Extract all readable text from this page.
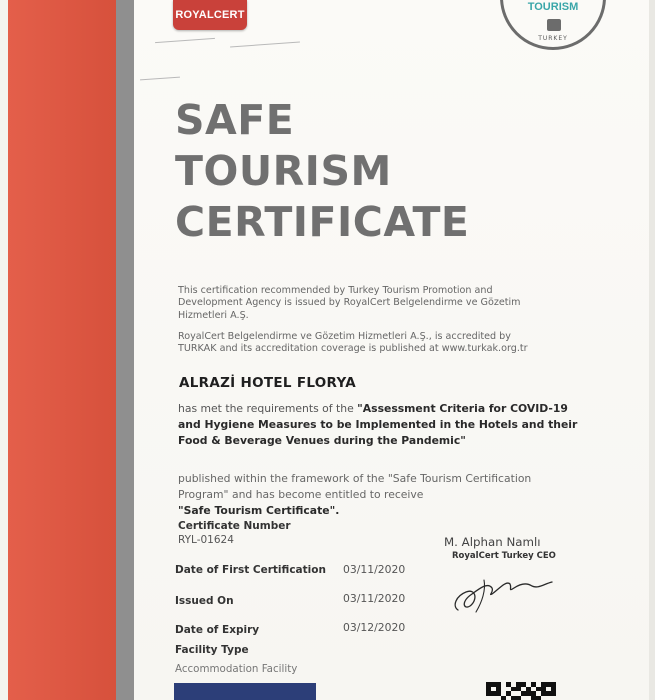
ROYALCERT
TOURISM
TURKEY
SAFE
TOURISM
CERTIFICATE

This certification recommended by Turkey Tourism Promotion and Development Agency is issued by RoyalCert Belgelendirme ve Gözetim Hizmetleri A.Ş.

RoyalCert Belgelendirme ve Gözetim Hizmetleri A.Ş., is accredited by TURKAK and its accreditation coverage is published at www.turkak.org.tr

ALRAZİ HOTEL FLORYA

has met the requirements of the "Assessment Criteria for COVID-19 and Hygiene Measures to be Implemented in the Hotels and their Food & Beverage Venues during the Pandemic"

published within the framework of the "Safe Tourism Certification Program" and has become entitled to receive
"Safe Tourism Certificate".

Certificate Number

RYL-01624

Date of First Certification 03/11/2020

Issued On	03/11/2020

Date of Expiry	03/12/2020

Facility Type

Accommodation Facility

M. Alphan Namlı

RoyalCert Turkey CEO
